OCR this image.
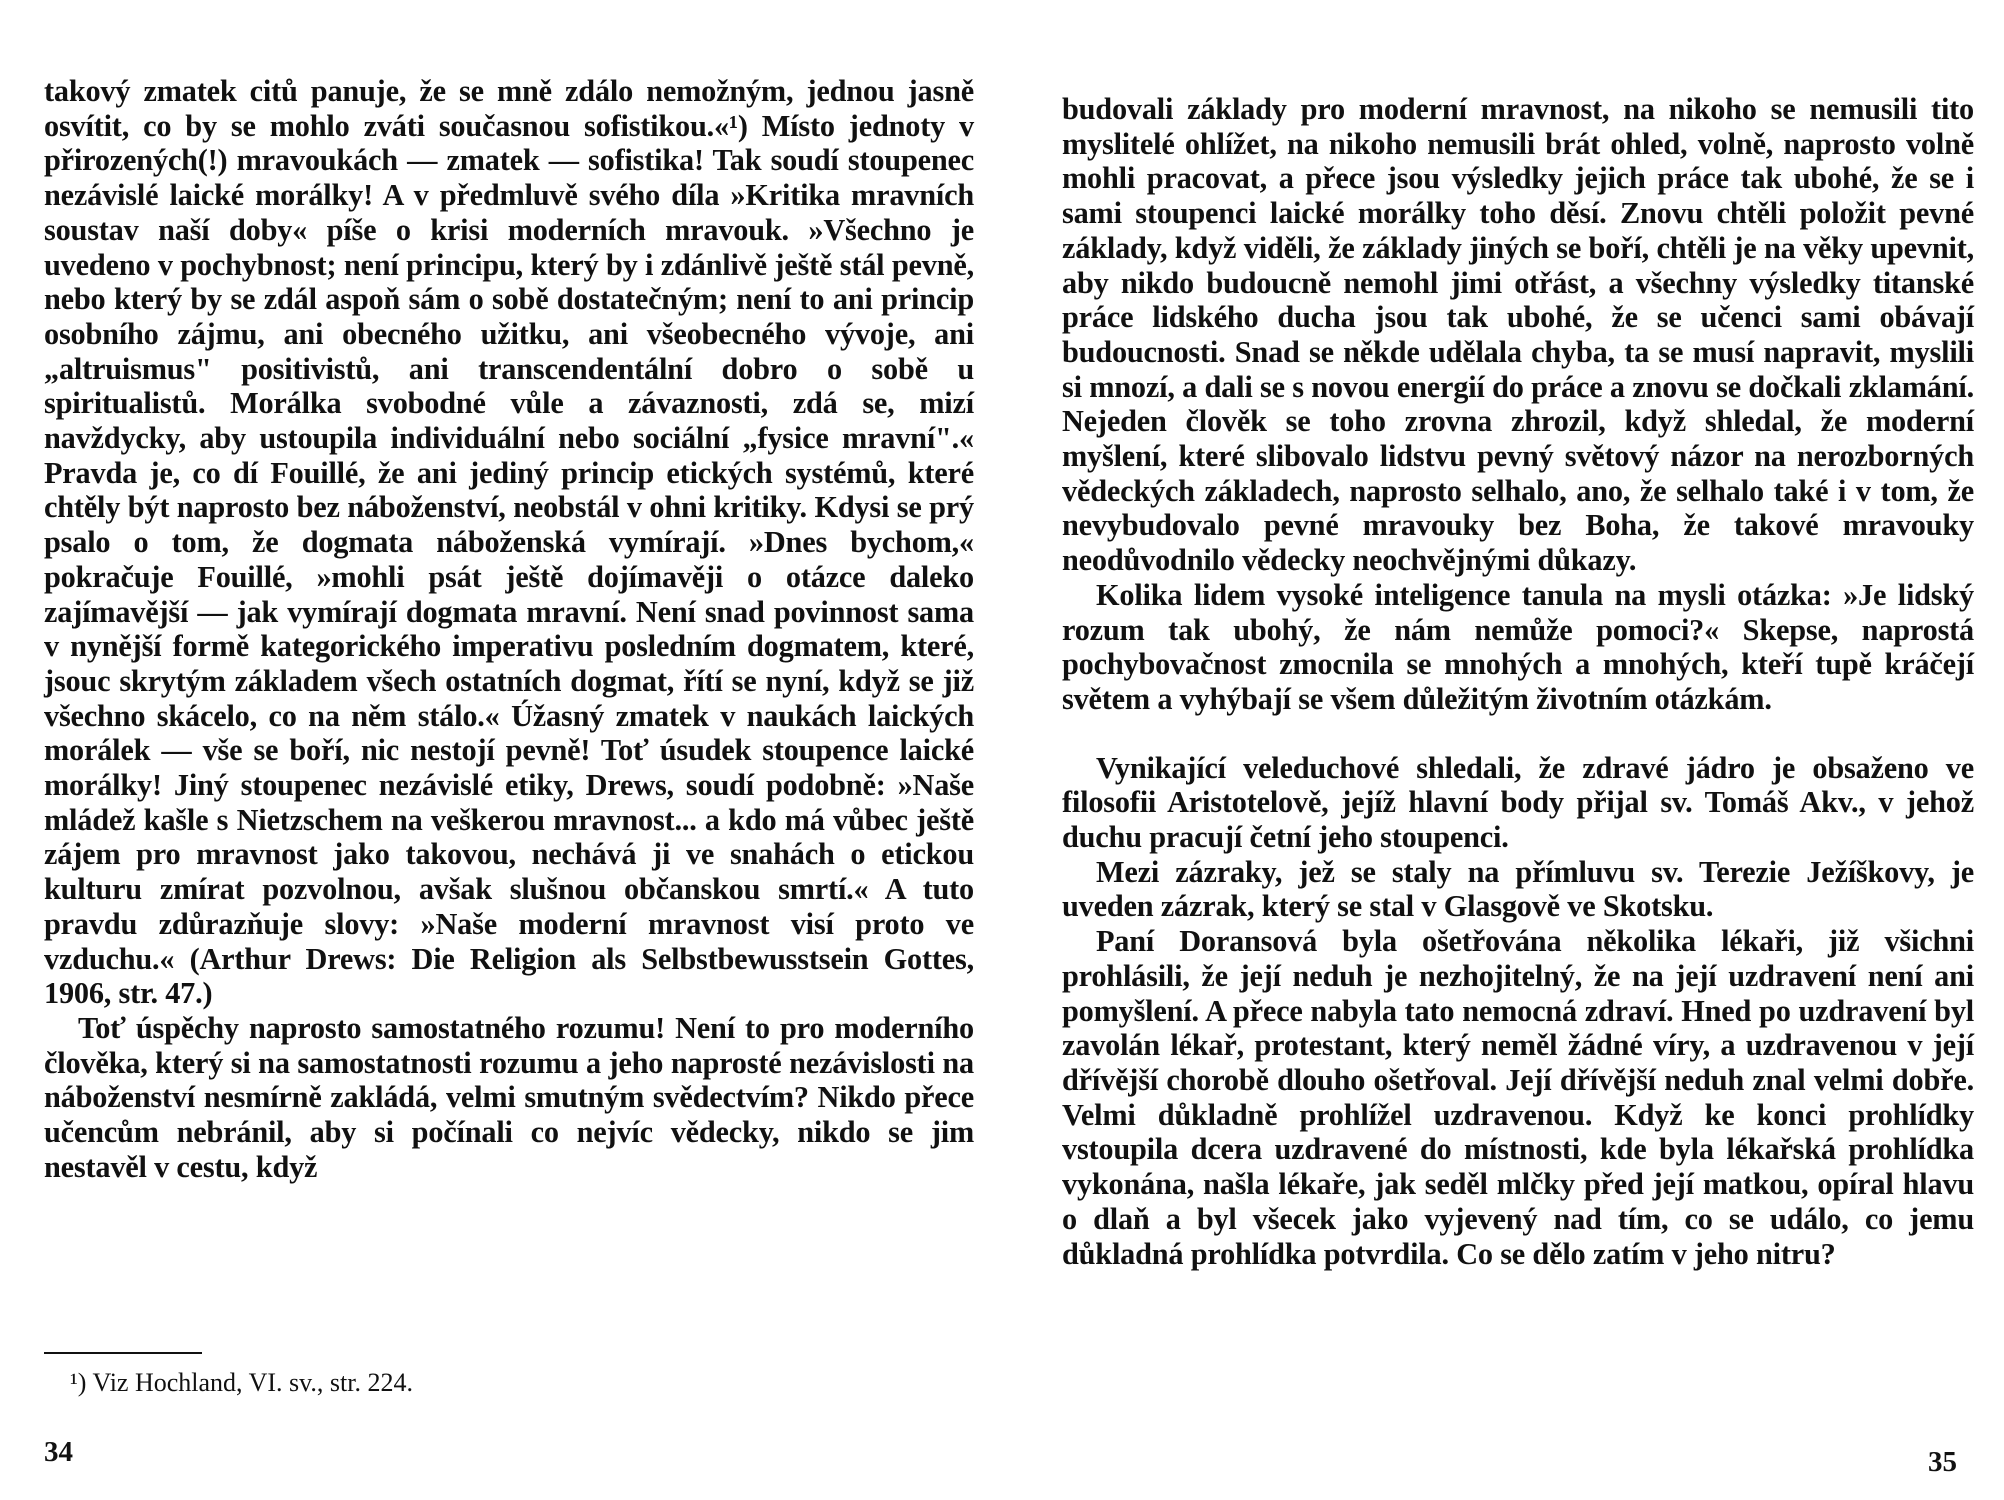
takový zmatek citů panuje, že se mně zdálo nemožným, jednou jasně osvítit, co by se mohlo zváti současnou sofistikou.«¹) Místo jednoty v přirozených(!) mravoukách — zmatek — sofistika! Tak soudí stoupenec nezávislé laické morálky! A v předmluvě svého díla »Kritika mravních soustav naší doby« píše o krisi moderních mravouk. »Všechno je uvedeno v pochybnost; není principu, který by i zdánlivě ještě stál pevně, nebo který by se zdál aspoň sám o sobě dostatečným; není to ani princip osobního zájmu, ani obecného užitku, ani všeobecného vývoje, ani „altruismus" positivistů, ani transcendentální dobro o sobě u spiritualistů. Morálka svobodné vůle a závaznosti, zdá se, mizí navždycky, aby ustoupila individuální nebo sociální „fysice mravní".« Pravda je, co dí Fouillé, že ani jediný princip etických systémů, které chtěly být naprosto bez náboženství, neobstál v ohni kritiky. Kdysi se prý psalo o tom, že dogmata náboženská vymírají. »Dnes bychom,« pokračuje Fouillé, »mohli psát ještě dojímavěji o otázce daleko zajímavější — jak vymírají dogmata mravní. Není snad povinnost sama v nynější formě kategorického imperativu posledním dogmatem, které, jsouc skrytým základem všech ostatních dogmat, řítí se nyní, když se již všechno skácelo, co na něm stálo.« Úžasný zmatek v naukách laických morálek — vše se boří, nic nestojí pevně! Toť úsudek stoupence laické morálky! Jiný stoupenec nezávislé etiky, Drews, soudí podobně: »Naše mládež kašle s Nietzschem na veškerou mravnost... a kdo má vůbec ještě zájem pro mravnost jako takovou, nechává ji ve snahách o etickou kulturu zmírat pozvolnou, avšak slušnou občanskou smrtí.« A tuto pravdu zdůrazňuje slovy: »Naše moderní mravnost visí proto ve vzduchu.« (Arthur Drews: Die Religion als Selbstbewusstsein Gottes, 1906, str. 47.)

Toť úspěchy naprosto samostatného rozumu! Není to pro moderního člověka, který si na samostatnosti rozumu a jeho naprosté nezávislosti na náboženství nesmírně zakládá, velmi smutným svědectvím? Nikdo přece učencům nebránil, aby si počínali co nejvíc vědecky, nikdo se jim nestavěl v cestu, když

¹) Viz Hochland, VI. sv., str. 224.
34

budovali základy pro moderní mravnost, na nikoho se nemusili tito myslitelé ohlížet, na nikoho nemusili brát ohled, volně, naprosto volně mohli pracovat, a přece jsou výsledky jejich práce tak ubohé, že se i sami stoupenci laické morálky toho děsí. Znovu chtěli položit pevné základy, když viděli, že základy jiných se boří, chtěli je na věky upevnit, aby nikdo budoucně nemohl jimi otřást, a všechny výsledky titanské práce lidského ducha jsou tak ubohé, že se učenci sami obávají budoucnosti. Snad se někde udělala chyba, ta se musí napravit, myslili si mnozí, a dali se s novou energií do práce a znovu se dočkali zklamání. Nejeden člověk se toho zrovna zhrozil, když shledal, že moderní myšlení, které slibovalo lidstvu pevný světový názor na nerozborných vědeckých základech, naprosto selhalo, ano, že selhalo také i v tom, že nevybudovalo pevné mravouky bez Boha, že takové mravouky neodůvodnilo vědecky neochvějnými důkazy.

Kolika lidem vysoké inteligence tanula na mysli otázka: »Je lidský rozum tak ubohý, že nám nemůže pomoci?« Skepse, naprostá pochybovačnost zmocnila se mnohých a mnohých, kteří tupě kráčejí světem a vyhýbají se všem důležitým životním otázkám.

Vynikající veleduchové shledali, že zdravé jádro je obsaženo ve filosofii Aristotelově, jejíž hlavní body přijal sv. Tomáš Akv., v jehož duchu pracují četní jeho stoupenci.

Mezi zázraky, jež se staly na přímluvu sv. Terezie Ježíškovy, je uveden zázrak, který se stal v Glasgově ve Skotsku.

Paní Doransová byla ošetřována několika lékaři, již všichni prohlásili, že její neduh je nezhojitelný, že na její uzdravení není ani pomyšlení. A přece nabyla tato nemocná zdraví. Hned po uzdravení byl zavolán lékař, protestant, který neměl žádné víry, a uzdravenou v její dřívější chorobě dlouho ošetřoval. Její dřívější neduh znal velmi dobře. Velmi důkladně prohlížel uzdravenou. Když ke konci prohlídky vstoupila dcera uzdravené do místnosti, kde byla lékařská prohlídka vykonána, našla lékaře, jak seděl mlčky před její matkou, opíral hlavu o dlaň a byl všecek jako vyjevený nad tím, co se událo, co jemu důkladná prohlídka potvrdila. Co se dělo zatím v jeho nitru?

35
